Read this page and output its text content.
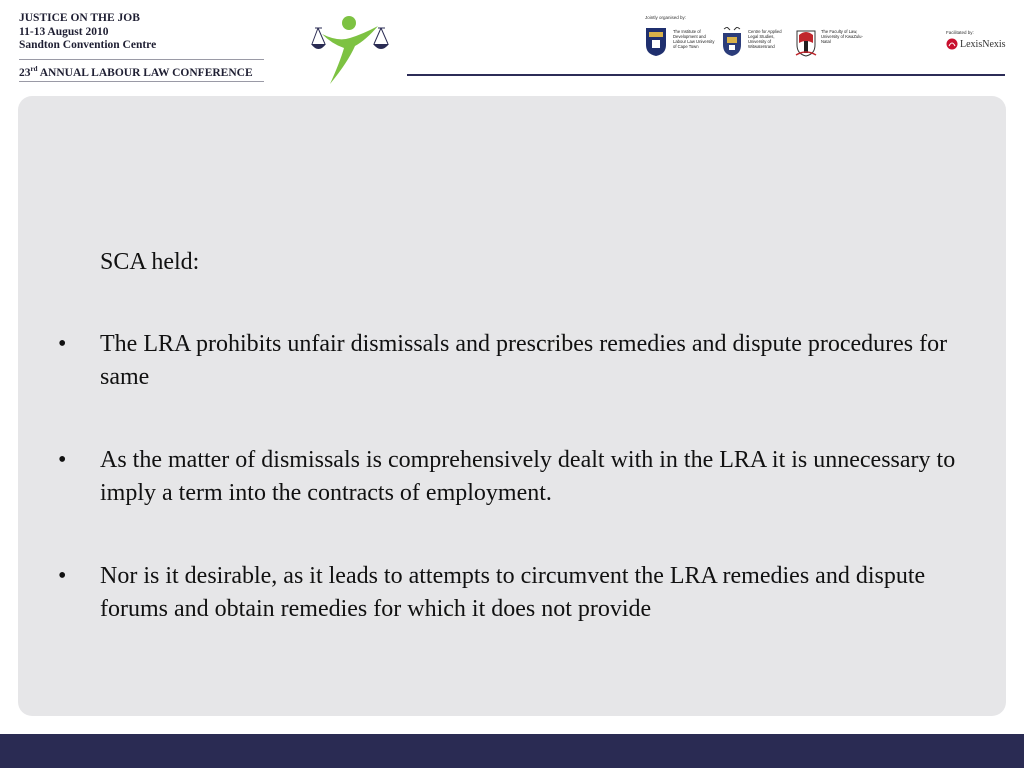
JUSTICE ON THE JOB
11-13 August 2010
Sandton Convention Centre
23rd ANNUAL LABOUR LAW CONFERENCE
Jointly organised by:
The Institute of Development and Labour Law University of Cape Town
Centre for Applied Legal Studies, University of Witwatersrand
The Faculty of Law, University of KwaZulu-Natal
Facilitated by:
LexisNexis
SCA held:
• The LRA prohibits unfair dismissals and prescribes remedies and dispute procedures for same
• As the matter of dismissals is comprehensively dealt with in the LRA it is unnecessary to imply a term into the contracts of employment.
• Nor is it desirable, as it leads to attempts to circumvent the LRA remedies and dispute forums and obtain remedies for which it does not provide
